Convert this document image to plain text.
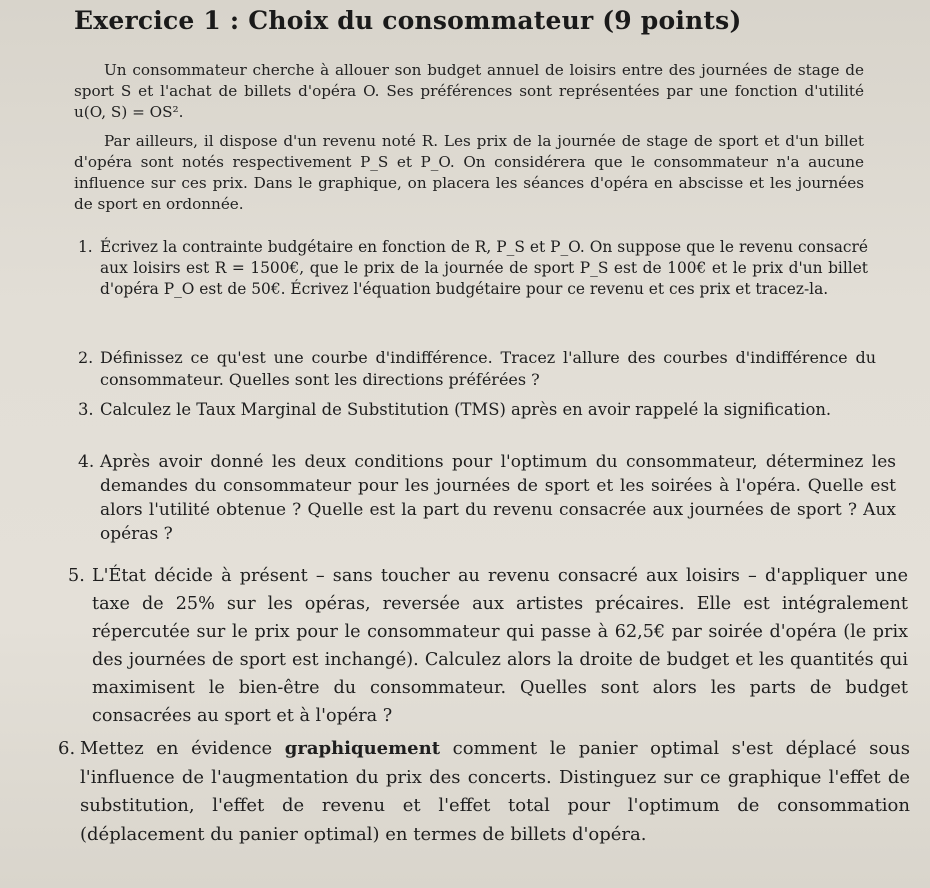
Exercice 1 : Choix du consommateur (9 points)

Un consommateur cherche à allouer son budget annuel de loisirs entre des journées de stage de sport S et l'achat de billets d'opéra O. Ses préférences sont représentées par une fonction d'utilité u(O, S) = OS².

Par ailleurs, il dispose d'un revenu noté R. Les prix de la journée de stage de sport et d'un billet d'opéra sont notés respectivement P_S et P_O. On considérera que le consommateur n'a aucune influence sur ces prix. Dans le graphique, on placera les séances d'opéra en abscisse et les journées de sport en ordonnée.

1. Écrivez la contrainte budgétaire en fonction de R, P_S et P_O. On suppose que le revenu consacré aux loisirs est R = 1500€, que le prix de la journée de sport P_S est de 100€ et le prix d'un billet d'opéra P_O est de 50€. Écrivez l'équation budgétaire pour ce revenu et ces prix et tracez-la.
2. Définissez ce qu'est une courbe d'indifférence. Tracez l'allure des courbes d'indifférence du consommateur. Quelles sont les directions préférées ?
3. Calculez le Taux Marginal de Substitution (TMS) après en avoir rappelé la signification.
4. Après avoir donné les deux conditions pour l'optimum du consommateur, déterminez les demandes du consommateur pour les journées de sport et les soirées à l'opéra. Quelle est alors l'utilité obtenue ? Quelle est la part du revenu consacrée aux journées de sport ? Aux opéras ?
5. L'État décide à présent – sans toucher au revenu consacré aux loisirs – d'appliquer une taxe de 25% sur les opéras, reversée aux artistes précaires. Elle est intégralement répercutée sur le prix pour le consommateur qui passe à 62,5€ par soirée d'opéra (le prix des journées de sport est inchangé). Calculez alors la droite de budget et les quantités qui maximisent le bien-être du consommateur. Quelles sont alors les parts de budget consacrées au sport et à l'opéra ?
6. Mettez en évidence graphiquement comment le panier optimal s'est déplacé sous l'influence de l'augmentation du prix des concerts. Distinguez sur ce graphique l'effet de substitution, l'effet de revenu et l'effet total pour l'optimum de consommation (déplacement du panier optimal) en termes de billets d'opéra.
